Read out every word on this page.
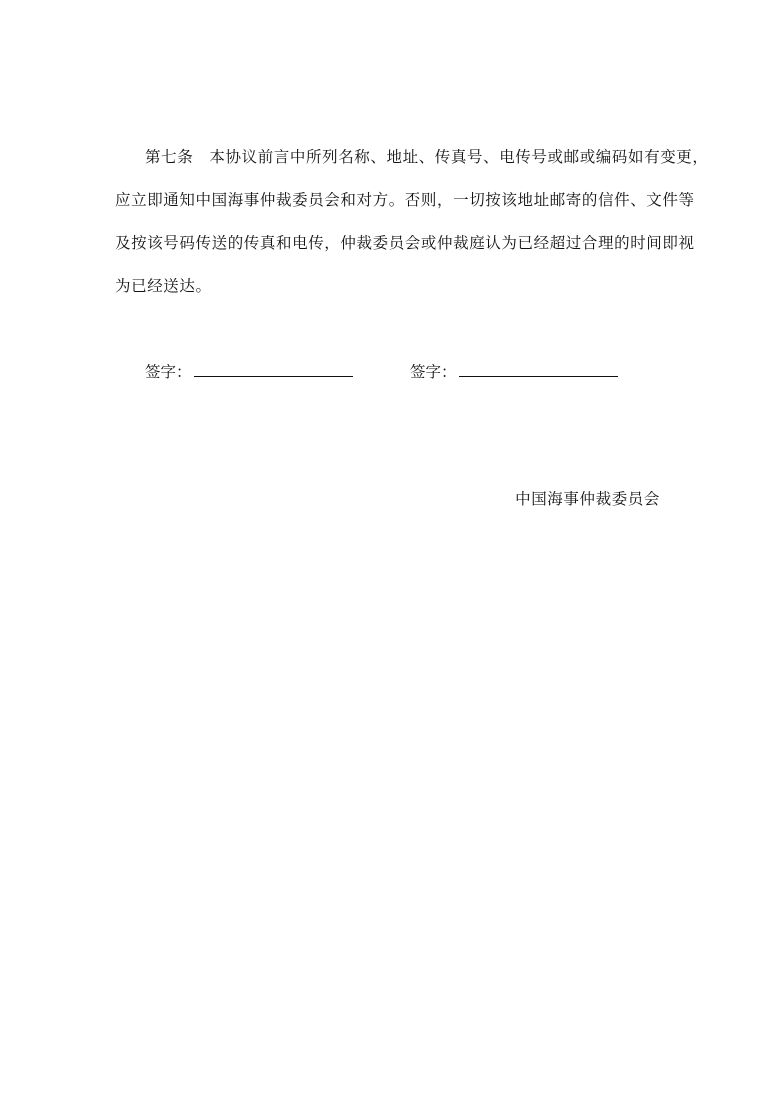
第七条　本协议前言中所列名称、地址、传真号、电传号或邮或编码如有变更，
应立即通知中国海事仲裁委员会和对方。否则，一切按该地址邮寄的信件、文件等
及按该号码传送的传真和电传，仲裁委员会或仲裁庭认为已经超过合理的时间即视
为已经送达。
签字：	签字：
中国海事仲裁委员会
